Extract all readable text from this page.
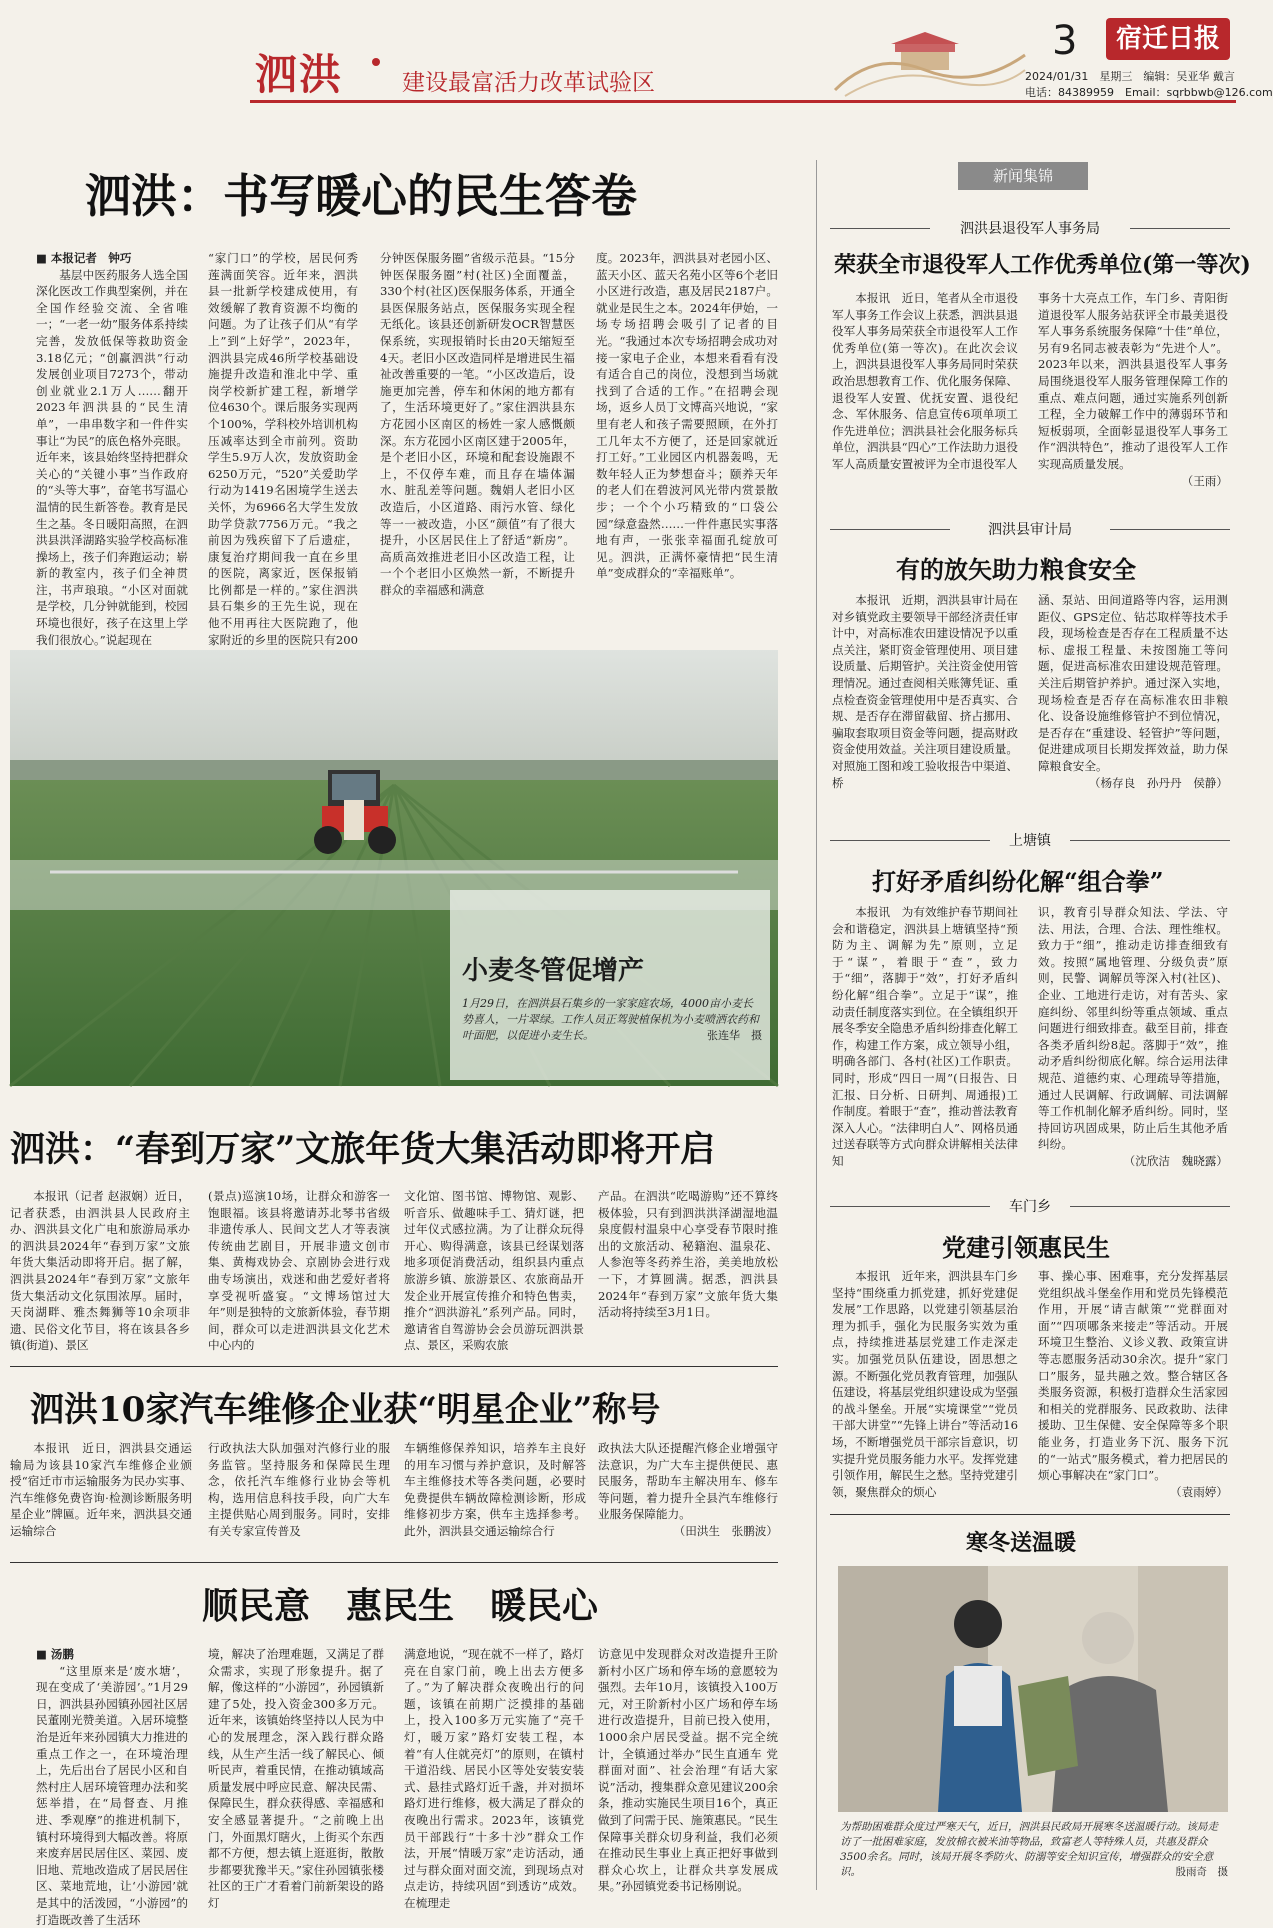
泗洪	建设最富活力改革试验区
3	宿迁日报
2024/01/31　星期三　编辑：吴亚华 戴言
电话：84389959　Email：sqrbbwb@126.com
泗洪：书写暖心的民生答卷
■ 本报记者　钟巧

基层中医药服务人选全国深化医改工作典型案例，并在全国作经验交流、全省唯一；“一老一幼”服务体系持续完善，发放低保等救助资金3.18亿元；“创赢泗洪”行动发展创业项目7273个，带动创业就业2.1万人……翻开2023年泗洪县的“民生清单”，一串串数字和一件件实事让“为民”的底色格外亮眼。近年来，该县始终坚持把群众关心的“关键小事”当作政府的“头等大事”，奋笔书写温心温情的民生新答卷。教育是民生之基。冬日暖阳高照，在泗洪县洪泽湖路实验学校高标准操场上，孩子们奔跑运动；崭新的教室内，孩子们全神贯注，书声琅琅。“小区对面就是学校，几分钟就能到，校园环境也很好，孩子在这里上学我们很放心。”说起现在

“家门口”的学校，居民何秀莲满面笑容。近年来，泗洪县一批新学校建成使用，有效缓解了教育资源不均衡的问题。为了让孩子们从“有学上”到“上好学”，2023年，泗洪县完成46所学校基础设施提升改造和淮北中学、重岗学校新扩建工程，新增学位4630个。课后服务实现两个100%，学科校外培训机构压减率达到全市前列。资助学生5.9万人次，发放资助金6250万元，“520”关爱助学行动为1419名困境学生送去关怀，为6966名大学生发放助学贷款7756万元。“我之前因为残疾留下了后遗症，康复治疗期间我一直在乡里的医院，离家近，医保报销比例都是一样的。”家住泗洪县石集乡的王先生说，现在他不用再往大医院跑了，他家附近的乡里的医院只有200

分钟医保服务圈”省级示范县。“15分钟医保服务圈”村(社区)全面覆盖，330个村(社区)医保服务体系，开通全县医保服务站点，医保服务实现全程无纸化。该县还创新研发OCR智慧医保系统，实现报销时长由20天缩短至4天。老旧小区改造同样是增进民生福祉改善重要的一笔。“小区改造后，设施更加完善，停车和休闲的地方都有了，生活环境更好了。”家住泗洪县东方花园小区南区的杨姓一家人感慨颇深。东方花园小区南区建于2005年，是个老旧小区，环境和配套设施跟不上，不仅停车难，而且存在墙体漏水、脏乱差等问题。魏娟人老旧小区改造后，小区道路、雨污水管、绿化等一一被改造，小区“颜值”有了很大提升，小区居民住上了舒适“新房”。高质高效推进老旧小区改造工程，让一个个老旧小区焕然一新，不断提升群众的幸福感和满意

度。2023年，泗洪县对老园小区、蓝天小区、蓝天名苑小区等6个老旧小区进行改造，惠及居民2187户。就业是民生之本。2024年伊始，一场专场招聘会吸引了记者的目光。“我通过本次专场招聘会成功对接一家电子企业，本想来看看有没有适合自己的岗位，没想到当场就找到了合适的工作。”在招聘会现场，返乡人员丁文博高兴地说，“家里有老人和孩子需要照顾，在外打工几年太不方便了，还是回家就近打工好。”工业园区内机器轰鸣，无数年轻人正为梦想奋斗；颐养天年的老人们在碧波河风光带内赏景散步；一个个小巧精致的“口袋公园”绿意盎然……一件件惠民实事落地有声，一张张幸福面孔绽放可见。泗洪，正满怀豪情把“民生清单”变成群众的“幸福账单”。

小麦冬管促增产
1月29日，在泗洪县石集乡的一家家庭农场，4000亩小麦长势喜人，一片翠绿。工作人员正驾驶植保机为小麦喷洒农药和叶面肥，以促进小麦生长。	张连华　摄
泗洪：“春到万家”文旅年货大集活动即将开启

本报讯（记者 赵淑娴）近日，记者获悉，由泗洪县人民政府主办、泗洪县文化广电和旅游局承办的泗洪县2024年“春到万家”文旅年货大集活动即将开启。据了解，泗洪县2024年“春到万家”文旅年货大集活动文化氛围浓厚。届时，天岗湖畔、雅杰舞狮等10余项非遗、民俗文化节目，将在该县各乡镇(街道)、景区

(景点)巡演10场，让群众和游客一饱眼福。该县将邀请苏北琴书省级非遗传承人、民间文艺人才等表演传统曲艺剧目，开展非遗文创市集、黄梅戏协会、京剧协会进行戏曲专场演出，戏迷和曲艺爱好者将享受视听盛宴。“文博场馆过大年”则是独特的文旅新体验，春节期间，群众可以走进泗洪县文化艺术中心内的

文化馆、图书馆、博物馆、观影、听音乐、做趣味手工、猜灯谜，把过年仪式感拉满。为了让群众玩得开心、购得满意，该县已经谋划落地多项促消费活动，组织县内重点旅游乡镇、旅游景区、农旅商品开发企业开展宣传推介和特色售卖，推介“泗洪游礼”系列产品。同时，邀请省自驾游协会会员游玩泗洪景点、景区，采购农旅

产品。在泗洪“吃喝游购”还不算终极体验，只有到泗洪洪泽湖湿地温泉度假村温泉中心享受春节限时推出的文旅活动、秘籍泡、温泉花、人参泡等冬药养生浴，美美地放松一下，才算圆满。据悉，泗洪县2024年“春到万家”文旅年货大集活动将持续至3月1日。

泗洪10家汽车维修企业获“明星企业”称号

本报讯　近日，泗洪县交通运输局为该县10家汽车维修企业颁授“宿迁市市运输服务为民办实事、汽车维修免费咨询·检测诊断服务明星企业”牌匾。近年来，泗洪县交通运输综合

行政执法大队加强对汽修行业的服务监管。坚持服务和保障民生理念，依托汽车维修行业协会等机构，选用信息科技手段，向广大车主提供贴心周到服务。同时，安排有关专家宣传普及

车辆维修保养知识，培养车主良好的用车习惯与养护意识，及时解答车主维修技术等各类问题，必要时免费提供车辆故障检测诊断，形成维修初步方案，供车主选择参考。此外，泗洪县交通运输综合行

政执法大队还提醒汽修企业增强守法意识，为广大车主提供便民、惠民服务，帮助车主解决用车、修车等问题，着力提升全县汽车维修行业服务保障能力。

（田洪生　张鹏波）

顺民意　惠民生　暖民心
■ 汤鹏

“这里原来是‘废水塘’，现在变成了‘美游园’。”1月29日，泗洪县孙园镇孙园社区居民董刚光赞美道。入居环境整治是近年来孙园镇大力推进的重点工作之一，在环境治理上，先后出台了居民小区和自然村庄人居环境管理办法和奖惩举措，在“局督查、月推进、季观摩”的推进机制下，镇村环境得到大幅改善。将原来废弃居民居住区、菜园、废旧地、荒地改造成了居民居住区、菜地荒地，让‘小游园’就是其中的活泼园，“小游园”的打造既改善了生活环

境，解决了治理难题，又满足了群众需求，实现了形象提升。据了解，像这样的“小游园”，孙园镇新建了5处，投入资金300多万元。近年来，该镇始终坚持以人民为中心的发展理念，深入践行群众路线，从生产生活一线了解民心、倾听民声，着重民情，在推动镇域高质量发展中呼应民意、解决民需、保障民生，群众获得感、幸福感和安全感显著提升。“之前晚上出门，外面黑灯瞎火，上街买个东西都不方便，想去镇上逛逛街，散散步都要犹豫半天。”家住孙园镇张楼社区的王广才看着门前新架设的路灯

满意地说，“现在就不一样了，路灯亮在自家门前，晚上出去方便多了。”为了解决群众夜晚出行的问题，该镇在前期广泛摸排的基础上，投入100多万元实施了“亮千灯，暖万家”路灯安装工程，本着“有人住就亮灯”的原则，在镇村干道沿线、居民小区等处安装安装式、悬挂式路灯近千盏，并对损坏路灯进行维修，极大满足了群众的夜晚出行需求。2023年，该镇党员干部践行“十多十沙”群众工作法，开展“情暖万家”走访活动，通过与群众面对面交流，到现场点对点走访，持续巩固“到透访”成效。在梳理走

访意见中发现群众对改造提升王阶新村小区广场和停车场的意愿较为强烈。去年10月，该镇投入100万元，对王阶新村小区广场和停车场进行改造提升，目前已投入使用，1000余户居民受益。据不完全统计，全镇通过举办“民生直通车 党群面对面”、社会治理“有话大家说”活动，搜集群众意见建议200余条，推动实施民生项目16个，真正做到了问需于民、施策惠民。“民生保障事关群众切身利益，我们必须在推动民生事业上真正把好事做到群众心坎上，让群众共享发展成果。”孙园镇党委书记杨刚说。

新闻集锦
泗洪县退役军人事务局
荣获全市退役军人工作优秀单位(第一等次)

本报讯　近日，笔者从全市退役军人事务工作会议上获悉，泗洪县退役军人事务局荣获全市退役军人工作优秀单位(第一等次)。在此次会议上，泗洪县退役军人事务局同时荣获政治思想教育工作、优化服务保障、退役军人安置、优抚安置、退役纪念、军休服务、信息宣传6项单项工作先进单位；泗洪县社会化服务标兵单位，泗洪县“四心”工作法助力退役军人高质量安置被评为全市退役军人

事务十大亮点工作，车门乡、青阳街道退役军人服务站获评全市最美退役军人事务系统服务保障“十佳”单位，另有9名同志被表彰为“先进个人”。2023年以来，泗洪县退役军人事务局围绕退役军人服务管理保障工作的重点、难点问题，通过实施系列创新工程，全力破解工作中的薄弱环节和短板弱项，全面彰显退役军人事务工作“泗洪特色”，推动了退役军人工作实现高质量发展。

（王雨）

泗洪县审计局
有的放矢助力粮食安全

本报讯　近期，泗洪县审计局在对乡镇党政主要领导干部经济责任审计中，对高标准农田建设情况予以重点关注，紧盯资金管理使用、项目建设质量、后期管护。关注资金使用管理情况。通过查阅相关账簿凭证、重点检查资金管理使用中是否真实、合规、是否存在滞留截留、挤占挪用、骗取套取项目资金等问题，提高财政资金使用效益。关注项目建设质量。对照施工图和竣工验收报告中渠道、桥

涵、泵站、田间道路等内容，运用测距仪、GPS定位、钻芯取样等技术手段，现场检查是否存在工程质量不达标、虚报工程量、未按图施工等问题，促进高标准农田建设规范管理。关注后期管护养护。通过深入实地，现场检查是否存在高标准农田非粮化、设备设施维修管护不到位情况，是否存在“重建设、轻管护”等问题，促进建成项目长期发挥效益，助力保障粮食安全。

（杨存良　孙丹丹　侯静）

上塘镇
打好矛盾纠纷化解“组合拳”

本报讯　为有效维护春节期间社会和谐稳定，泗洪县上塘镇坚持“预防为主、调解为先”原则，立足于“谋”，着眼于“查”，致力于“细”，落脚于“效”，打好矛盾纠纷化解“组合拳”。立足于“谋”，推动责任制度落实到位。在全镇组织开展冬季安全隐患矛盾纠纷排查化解工作，构建工作方案，成立领导小组，明确各部门、各村(社区)工作职责。同时，形成“四日一周”(日报告、日汇报、日分析、日研判、周通报)工作制度。着眼于“查”，推动普法教育深入人心。“法律明白人”、网格员通过送春联等方式向群众讲解相关法律知

识，教育引导群众知法、学法、守法、用法，合理、合法、理性维权。致力于“细”，推动走访排查细致有效。按照“属地管理、分级负责”原则，民警、调解员等深入村(社区)、企业、工地进行走访，对有苦头、家庭纠纷、邻里纠纷等重点领域、重点问题进行细致排查。截至目前，排查各类矛盾纠纷8起。落脚于“效”，推动矛盾纠纷彻底化解。综合运用法律规范、道德约束、心理疏导等措施，通过人民调解、行政调解、司法调解等工作机制化解矛盾纠纷。同时，坚持回访巩固成果，防止后生其他矛盾纠纷。

（沈欣洁　魏晓露）

车门乡
党建引领惠民生

本报讯　近年来，泗洪县车门乡坚持“围绕重力抓党建，抓好党建促发展”工作思路，以党建引领基层治理为抓手，强化为民服务实效为重点，持续推进基层党建工作走深走实。加强党员队伍建设，固思想之源。不断强化党员教育管理，加强队伍建设，将基层党组织建设成为坚强的战斗堡垒。开展“实境课堂”“党员干部大讲堂”“先锋上讲台”等活动16场，不断增强党员干部宗旨意识，切实提升党员服务能力水平。发挥党建引领作用，解民生之愁。坚持党建引领，聚焦群众的烦心

事、操心事、困难事，充分发挥基层党组织战斗堡垒作用和党员先锋模范作用，开展“请吉献策”“党群面对面”“四项哪条来接走”等活动。开展环境卫生整治、义诊义教、政策宣讲等志愿服务活动30余次。提升“家门口”服务，显共融之效。整合辖区各类服务资源，积极打造群众生活家园和相关的党群服务、民政救助、法律援助、卫生保健、安全保障等多个职能业务，打造业务下沉、服务下沉的“一站式”服务模式，着力把居民的烦心事解决在“家门口”。

（袁雨婷）

寒冬送温暖
为帮助困难群众度过严寒天气，近日，泗洪县民政局开展寒冬送温暖行动。该局走访了一批困难家庭，发放棉衣被米油等物品，致富老人等特殊人员，共惠及群众3500余名。同时，该局开展冬季防火、防溺等安全知识宣传，增强群众的安全意识。	殷雨奇　摄
